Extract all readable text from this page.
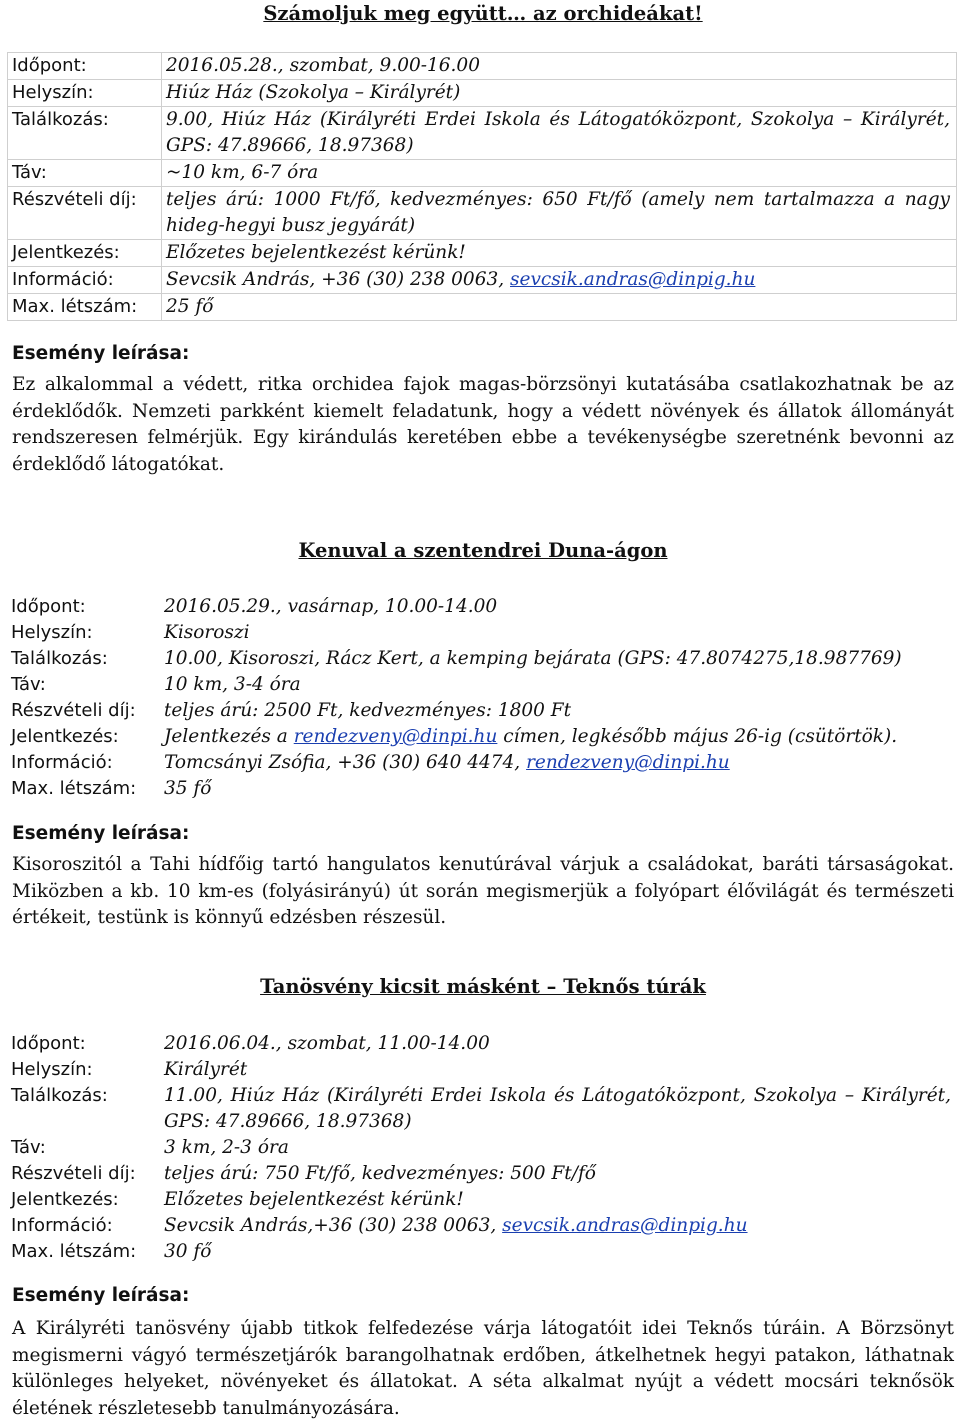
Számoljuk meg együtt… az orchideákat!
Időpont:	2016.05.28., szombat, 9.00-16.00
Helyszín:	Hiúz Ház (Szokolya – Királyrét)
Találkozás:	9.00, Hiúz Ház (Királyréti Erdei Iskola és Látogatóközpont, Szokolya – Királyrét, GPS: 47.89666, 18.97368)
Táv:	~10 km, 6-7 óra
Részvételi díj:	teljes árú: 1000 Ft/fő, kedvezményes: 650 Ft/fő (amely nem tartalmazza a nagy hideg-hegyi busz jegyárát)
Jelentkezés:	Előzetes bejelentkezést kérünk!
Információ:	Sevcsik András, +36 (30) 238 0063, sevcsik.andras@dinpig.hu
Max. létszám:	25 fő

Esemény leírása:

Ez alkalommal a védett, ritka orchidea fajok magas-börzsönyi kutatásába csatlakozhatnak be az érdeklődők. Nemzeti parkként kiemelt feladatunk, hogy a védett növények és állatok állományát rendszeresen felmérjük. Egy kirándulás keretében ebbe a tevékenységbe szeretnénk bevonni az érdeklődő látogatókat.

Kenuval a szentendrei Duna-ágon
Időpont:	2016.05.29., vasárnap, 10.00-14.00
Helyszín:	Kisoroszi
Találkozás:	10.00, Kisoroszi, Rácz Kert, a kemping bejárata (GPS: 47.8074275,18.987769)
Táv:	10 km, 3-4 óra
Részvételi díj:	teljes árú: 2500 Ft, kedvezményes: 1800 Ft
Jelentkezés:	Jelentkezés a rendezveny@dinpi.hu címen, legkésőbb május 26-ig (csütörtök).
Információ:	Tomcsányi Zsófia, +36 (30) 640 4474, rendezveny@dinpi.hu
Max. létszám:	35 fő

Esemény leírása:

Kisoroszitól a Tahi hídfőig tartó hangulatos kenutúrával várjuk a családokat, baráti társaságokat. Miközben a kb. 10 km-es (folyásirányú) út során megismerjük a folyópart élővilágát és természeti értékeit, testünk is könnyű edzésben részesül.

Tanösvény kicsit másként – Teknős túrák
Időpont:	2016.06.04., szombat, 11.00-14.00
Helyszín:	Királyrét
Találkozás:	11.00, Hiúz Ház (Királyréti Erdei Iskola és Látogatóközpont, Szokolya – Királyrét, GPS: 47.89666, 18.97368)
Táv:	3 km, 2-3 óra
Részvételi díj:	teljes árú: 750 Ft/fő, kedvezményes: 500 Ft/fő
Jelentkezés:	Előzetes bejelentkezést kérünk!
Információ:	Sevcsik András,+36 (30) 238 0063, sevcsik.andras@dinpig.hu
Max. létszám:	30 fő

Esemény leírása:

A Királyréti tanösvény újabb titkok felfedezése várja látogatóit idei Teknős túráin. A Börzsönyt megismerni vágyó természetjárók barangolhatnak erdőben, átkelhetnek hegyi patakon, láthatnak különleges helyeket, növényeket és állatokat. A séta alkalmat nyújt a védett mocsári teknősök életének részletesebb tanulmányozására.
